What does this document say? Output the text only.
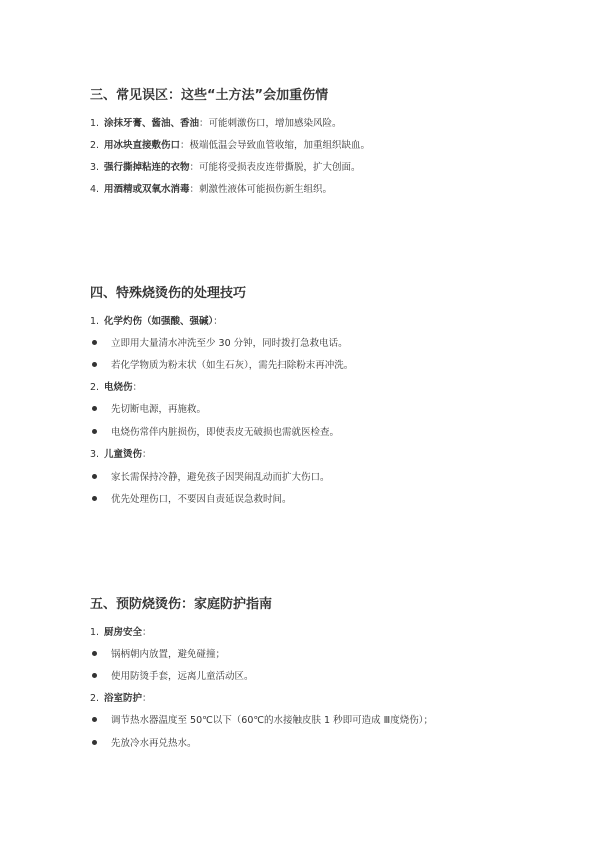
三、常见误区：这些“土方法”会加重伤情
1. 涂抹牙膏、酱油、香油：可能刺激伤口，增加感染风险。
2. 用冰块直接敷伤口：极端低温会导致血管收缩，加重组织缺血。
3. 强行撕掉粘连的衣物：可能将受损表皮连带撕脱，扩大创面。
4. 用酒精或双氧水消毒：刺激性液体可能损伤新生组织。
四、特殊烧烫伤的处理技巧
1. 化学灼伤（如强酸、强碱）：
立即用大量清水冲洗至少 30 分钟，同时拨打急救电话。
若化学物质为粉末状（如生石灰），需先扫除粉末再冲洗。
2. 电烧伤：
先切断电源，再施救。
电烧伤常伴内脏损伤，即使表皮无破损也需就医检查。
3. 儿童烫伤：
家长需保持冷静，避免孩子因哭闹乱动而扩大伤口。
优先处理伤口，不要因自责延误急救时间。
五、预防烧烫伤：家庭防护指南
1. 厨房安全：
锅柄朝内放置，避免碰撞；
使用防烫手套，远离儿童活动区。
2. 浴室防护：
调节热水器温度至 50℃以下（60℃的水接触皮肤 1 秒即可造成 Ⅲ度烧伤）；
先放冷水再兑热水。
